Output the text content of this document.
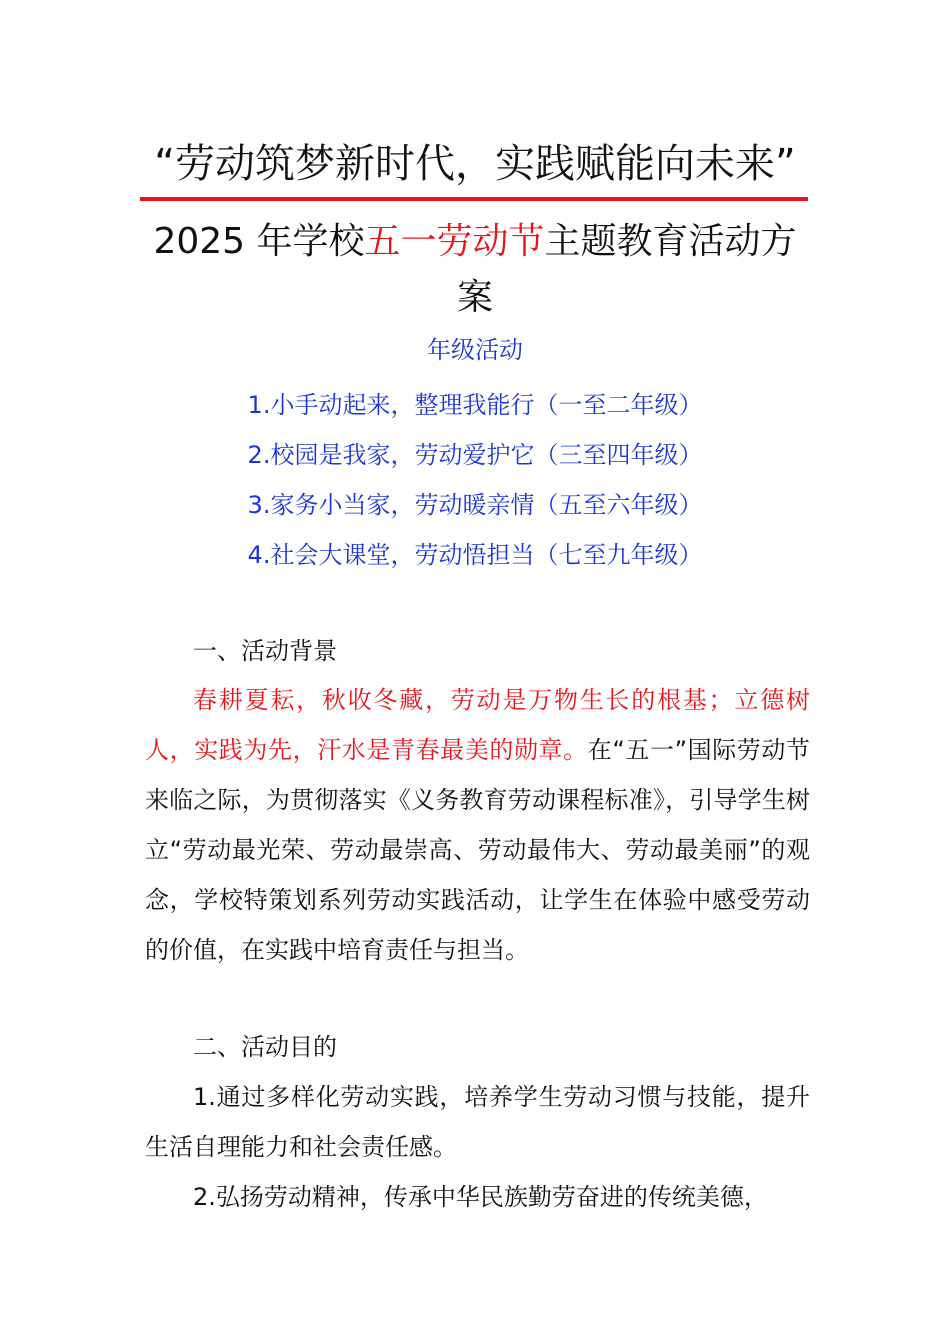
“劳动筑梦新时代，实践赋能向未来”
2025 年学校五一劳动节主题教育活动方
案
年级活动
1.小手动起来，整理我能行（一至二年级）
2.校园是我家，劳动爱护它（三至四年级）
3.家务小当家，劳动暖亲情（五至六年级）
4.社会大课堂，劳动悟担当（七至九年级）
一、活动背景
春耕夏耘，秋收冬藏，劳动是万物生长的根基；立德树人，实践为先，汗水是青春最美的勋章。在“五一”国际劳动节来临之际，为贯彻落实《义务教育劳动课程标准》，引导学生树立“劳动最光荣、劳动最崇高、劳动最伟大、劳动最美丽”的观念，学校特策划系列劳动实践活动，让学生在体验中感受劳动的价值，在实践中培育责任与担当。
二、活动目的
1.通过多样化劳动实践，培养学生劳动习惯与技能，提升生活自理能力和社会责任感。
2.弘扬劳动精神，传承中华民族勤劳奋进的传统美德，
